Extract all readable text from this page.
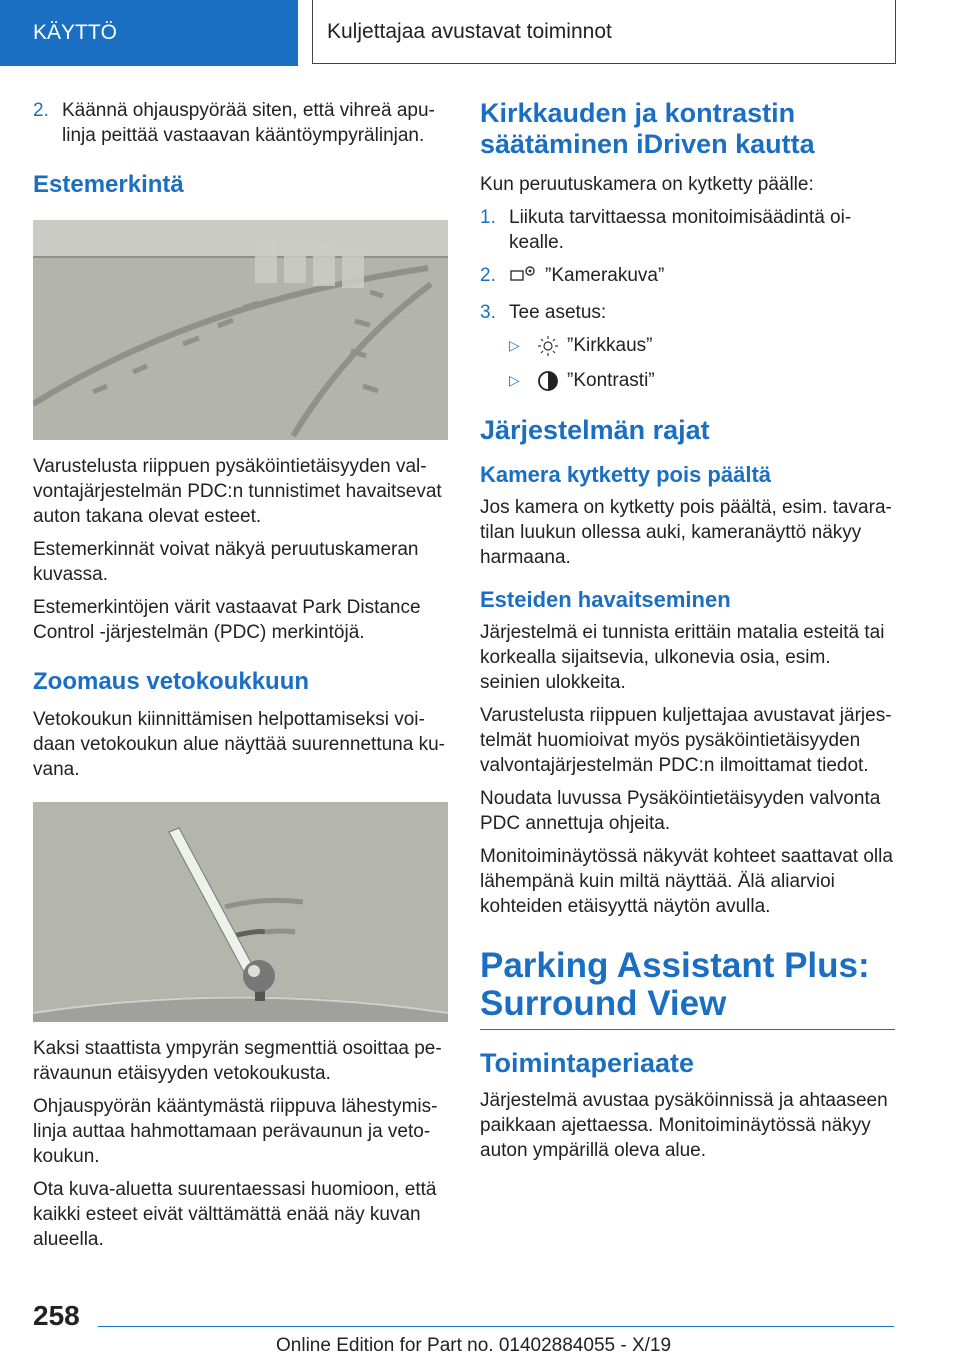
KÄYTTÖ	Kuljettajaa avustavat toiminnot
2. Käännä ohjauspyörää siten, että vihreä apulinja peittää vastaavan kääntöympyrälinjan.
Estemerkintä

Varustelusta riippuen pysäköintietäisyyden valvontajärjestelmän PDC:n tunnistimet havaitsevat auton takana olevat esteet.

Estemerkinnät voivat näkyä peruutuskameran kuvassa.

Estemerkintöjen värit vastaavat Park Distance Control -järjestelmän (PDC) merkintöjä.

Zoomaus vetokoukkuun

Vetokoukun kiinnittämisen helpottamiseksi voidaan vetokoukun alue näyttää suurennettuna kuvana.

Kaksi staattista ympyrän segmenttiä osoittaa perävaunun etäisyyden vetokoukusta.

Ohjauspyörän kääntymästä riippuva lähestymislinja auttaa hahmottamaan perävaunun ja vetokoukun.

Ota kuva-aluetta suurentaessasi huomioon, että kaikki esteet eivät välttämättä enää näy kuvan alueella.

Kirkkauden ja kontrastin säätäminen iDriven kautta

Kun peruutuskamera on kytketty päälle:

1. Liikuta tarvittaessa monitoimisäädintä oikealle.
2.	”Kamerakuva”
3. Tee asetus:
▷	”Kirkkaus”
▷	”Kontrasti”
Järjestelmän rajat
Kamera kytketty pois päältä

Jos kamera on kytketty pois päältä, esim. tavaratilan luukun ollessa auki, kameranäyttö näkyy harmaana.

Esteiden havaitseminen

Järjestelmä ei tunnista erittäin matalia esteitä tai korkealla sijaitsevia, ulkonevia osia, esim. seinien ulokkeita.

Varustelusta riippuen kuljettajaa avustavat järjestelmät huomioivat myös pysäköintietäisyyden valvontajärjestelmän PDC:n ilmoittamat tiedot.

Noudata luvussa Pysäköintietäisyyden valvonta PDC annettuja ohjeita.

Monitoiminäytössä näkyvät kohteet saattavat olla lähempänä kuin miltä näyttää. Älä aliarvioi kohteiden etäisyyttä näytön avulla.

Parking Assistant Plus: Surround View
Toimintaperiaate

Järjestelmä avustaa pysäköinnissä ja ahtaaseen paikkaan ajettaessa. Monitoiminäytössä näkyy auton ympärillä oleva alue.

258
Online Edition for Part no. 01402884055 - X/19
